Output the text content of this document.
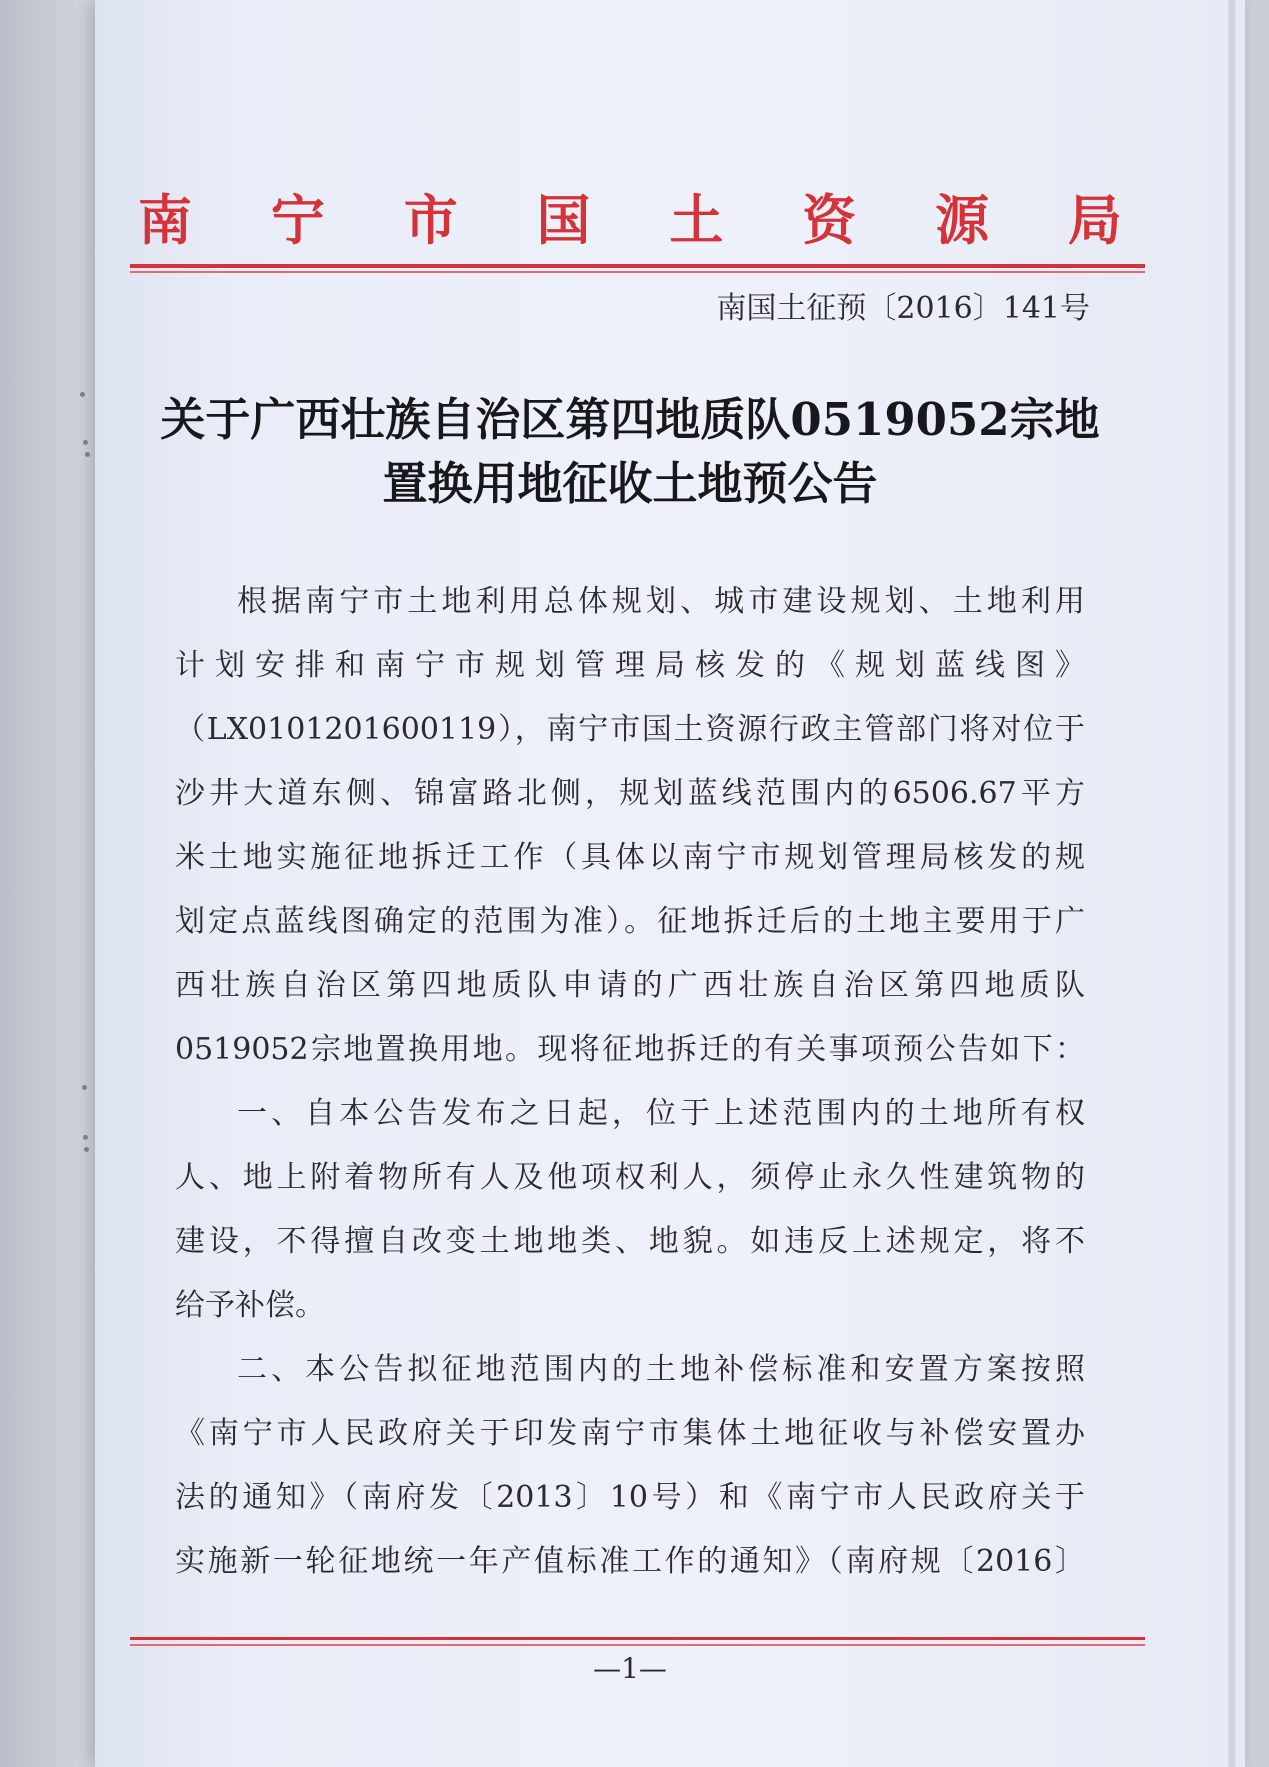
南 宁 市 国 土 资 源 局
南国土征预〔2016〕141号
关于广西壮族自治区第四地质队0519052宗地
置换用地征收土地预公告
根据南宁市土地利用总体规划、城市建设规划、土地利用
计划安排和南宁市规划管理局核发的《规划蓝线图》
（LX0101201600119），南宁市国土资源行政主管部门将对位于
沙井大道东侧、锦富路北侧，规划蓝线范围内的6506.67平方
米土地实施征地拆迁工作（具体以南宁市规划管理局核发的规
划定点蓝线图确定的范围为准）。征地拆迁后的土地主要用于广
西壮族自治区第四地质队申请的广西壮族自治区第四地质队
0519052宗地置换用地。现将征地拆迁的有关事项预公告如下：
一、自本公告发布之日起，位于上述范围内的土地所有权
人、地上附着物所有人及他项权利人，须停止永久性建筑物的
建设，不得擅自改变土地地类、地貌。如违反上述规定，将不
给予补偿。
二、本公告拟征地范围内的土地补偿标准和安置方案按照
《南宁市人民政府关于印发南宁市集体土地征收与补偿安置办
法的通知》（南府发〔2013〕10号）和《南宁市人民政府关于
实施新一轮征地统一年产值标准工作的通知》（南府规〔2016〕
—1—
